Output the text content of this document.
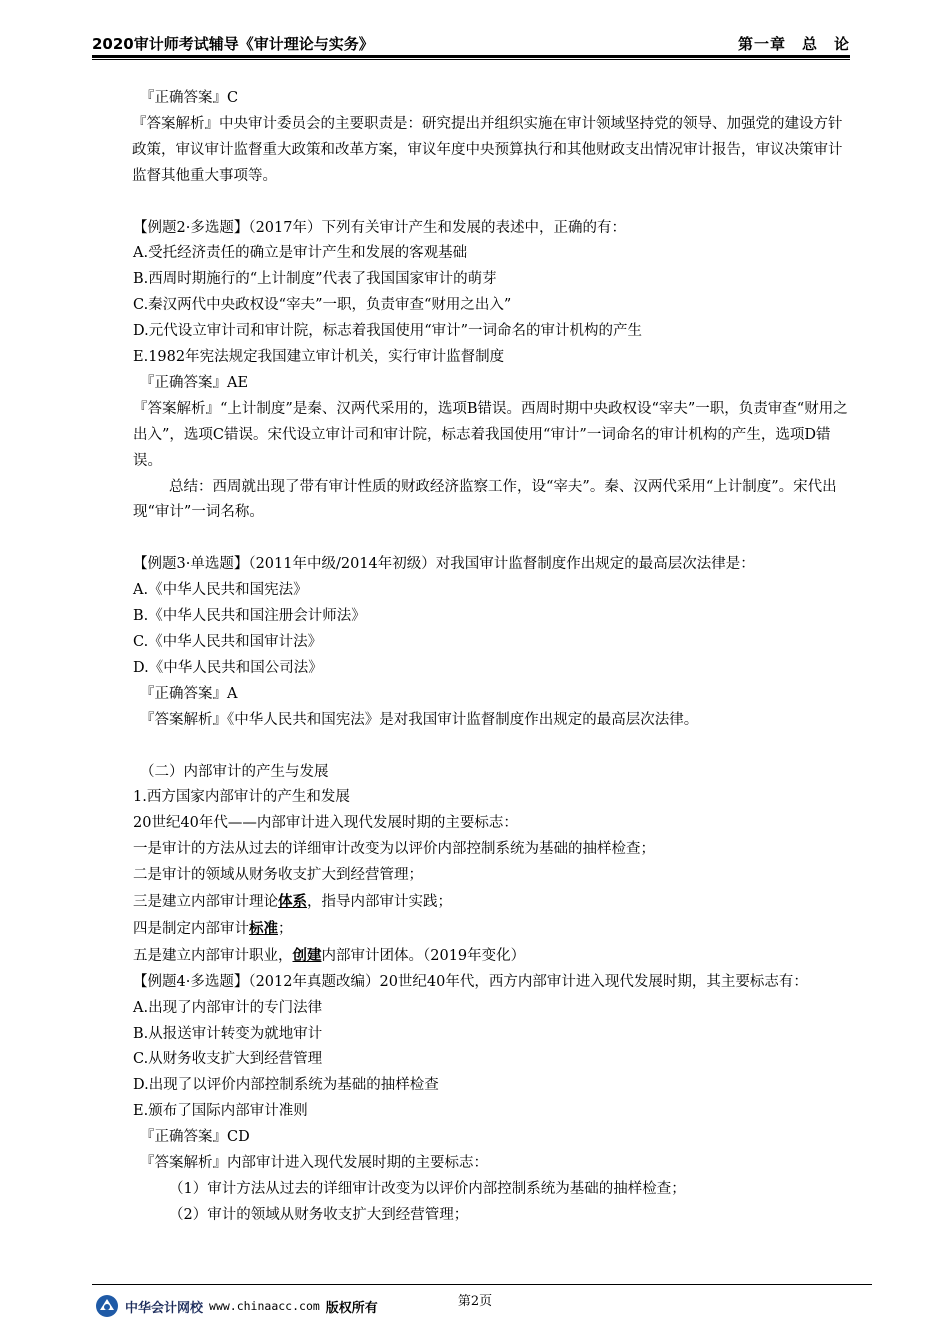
2020审计师考试辅导《审计理论与实务》	第一章　总　论

『正确答案』C

『答案解析』中央审计委员会的主要职责是：研究提出并组织实施在审计领域坚持党的领导、加强党的建设方针政策，审议审计监督重大政策和改革方案，审议年度中央预算执行和其他财政支出情况审计报告，审议决策审计监督其他重大事项等。

【例题2·多选题】（2017年）下列有关审计产生和发展的表述中，正确的有：

A.受托经济责任的确立是审计产生和发展的客观基础

B.西周时期施行的“上计制度”代表了我国国家审计的萌芽

C.秦汉两代中央政权设“宰夫”一职，负责审查“财用之出入”

D.元代设立审计司和审计院，标志着我国使用“审计”一词命名的审计机构的产生

E.1982年宪法规定我国建立审计机关，实行审计监督制度

『正确答案』AE

『答案解析』“上计制度”是秦、汉两代采用的，选项B错误。西周时期中央政权设“宰夫”一职，负责审查“财用之出入”，选项C错误。宋代设立审计司和审计院，标志着我国使用“审计”一词命名的审计机构的产生，选项D错误。

总结：西周就出现了带有审计性质的财政经济监察工作，设“宰夫”。秦、汉两代采用“上计制度”。宋代出现“审计”一词名称。

【例题3·单选题】（2011年中级/2014年初级）对我国审计监督制度作出规定的最高层次法律是：

A.《中华人民共和国宪法》

B.《中华人民共和国注册会计师法》

C.《中华人民共和国审计法》

D.《中华人民共和国公司法》

『正确答案』A

『答案解析』《中华人民共和国宪法》是对我国审计监督制度作出规定的最高层次法律。

（二）内部审计的产生与发展

1.西方国家内部审计的产生和发展

20世纪40年代——内部审计进入现代发展时期的主要标志：

一是审计的方法从过去的详细审计改变为以评价内部控制系统为基础的抽样检查；

二是审计的领域从财务收支扩大到经营管理；

三是建立内部审计理论体系，指导内部审计实践；

四是制定内部审计标准；

五是建立内部审计职业，创建内部审计团体。（2019年变化）

【例题4·多选题】（2012年真题改编）20世纪40年代，西方内部审计进入现代发展时期，其主要标志有：

A.出现了内部审计的专门法律

B.从报送审计转变为就地审计

C.从财务收支扩大到经营管理

D.出现了以评价内部控制系统为基础的抽样检查

E.颁布了国际内部审计准则

『正确答案』CD

『答案解析』内部审计进入现代发展时期的主要标志：

（1）审计方法从过去的详细审计改变为以评价内部控制系统为基础的抽样检查；

（2）审计的领域从财务收支扩大到经营管理；

第2页
中华会计网校 www.chinaacc.com 版权所有
